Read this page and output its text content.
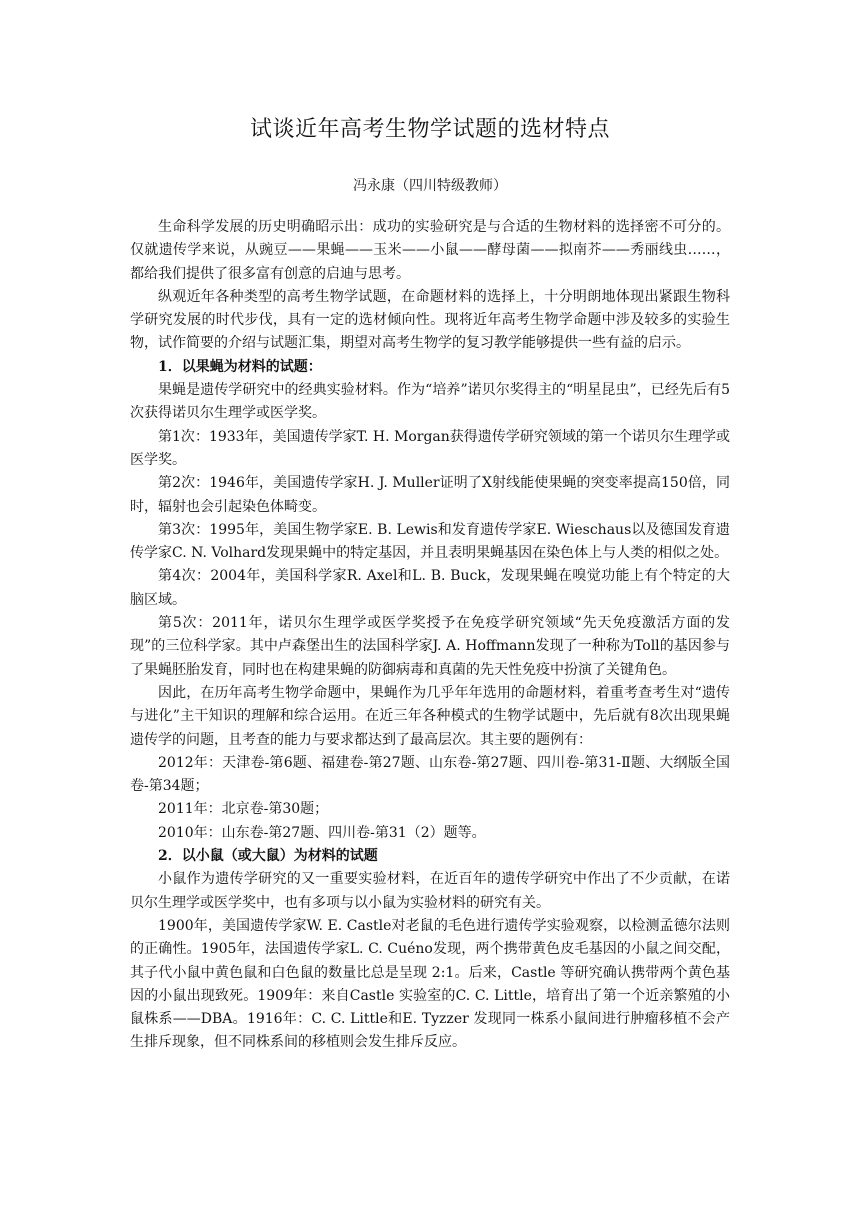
试谈近年高考生物学试题的选材特点
冯永康（四川特级教师）

生命科学发展的历史明确昭示出：成功的实验研究是与合适的生物材料的选择密不可分的。仅就遗传学来说，从豌豆——果蝇——玉米——小鼠——酵母菌——拟南芥——秀丽线虫……，都给我们提供了很多富有创意的启迪与思考。

纵观近年各种类型的高考生物学试题，在命题材料的选择上，十分明朗地体现出紧跟生物科学研究发展的时代步伐，具有一定的选材倾向性。现将近年高考生物学命题中涉及较多的实验生物，试作简要的介绍与试题汇集，期望对高考生物学的复习教学能够提供一些有益的启示。

1．以果蝇为材料的试题：

果蝇是遗传学研究中的经典实验材料。作为“培养”诺贝尔奖得主的“明星昆虫”，已经先后有5次获得诺贝尔生理学或医学奖。

第1次：1933年，美国遗传学家T. H. Morgan获得遗传学研究领域的第一个诺贝尔生理学或医学奖。

第2次：1946年，美国遗传学家H. J. Muller证明了X射线能使果蝇的突变率提高150倍，同时，辐射也会引起染色体畸变。

第3次：1995年，美国生物学家E. B. Lewis和发育遗传学家E. Wieschaus以及德国发育遗传学家C. N. Volhard发现果蝇中的特定基因，并且表明果蝇基因在染色体上与人类的相似之处。

第4次：2004年，美国科学家R. Axel和L. B. Buck，发现果蝇在嗅觉功能上有个特定的大脑区域。

第5次：2011年，诺贝尔生理学或医学奖授予在免疫学研究领域“先天免疫激活方面的发现”的三位科学家。其中卢森堡出生的法国科学家J. A. Hoffmann发现了一种称为Toll的基因参与了果蝇胚胎发育，同时也在构建果蝇的防御病毒和真菌的先天性免疫中扮演了关键角色。

因此，在历年高考生物学命题中，果蝇作为几乎年年选用的命题材料，着重考查考生对“遗传与进化”主干知识的理解和综合运用。在近三年各种模式的生物学试题中，先后就有8次出现果蝇遗传学的问题，且考查的能力与要求都达到了最高层次。其主要的题例有：

2012年：天津卷-第6题、福建卷-第27题、山东卷-第27题、四川卷-第31-Ⅱ题、大纲版全国卷-第34题；

2011年：北京卷-第30题；

2010年：山东卷-第27题、四川卷-第31（2）题等。

2．以小鼠（或大鼠）为材料的试题

小鼠作为遗传学研究的又一重要实验材料，在近百年的遗传学研究中作出了不少贡献，在诺贝尔生理学或医学奖中，也有多项与以小鼠为实验材料的研究有关。

1900年，美国遗传学家W. E. Castle对老鼠的毛色进行遗传学实验观察，以检测孟德尔法则的正确性。1905年，法国遗传学家L. C. Cuéno发现，两个携带黄色皮毛基因的小鼠之间交配，其子代小鼠中黄色鼠和白色鼠的数量比总是呈现 2:1。后来，Castle 等研究确认携带两个黄色基因的小鼠出现致死。1909年：来自Castle 实验室的C. C. Little，培育出了第一个近亲繁殖的小鼠株系——DBA。1916年：C. C. Little和E. Tyzzer 发现同一株系小鼠间进行肿瘤移植不会产生排斥现象，但不同株系间的移植则会发生排斥反应。
